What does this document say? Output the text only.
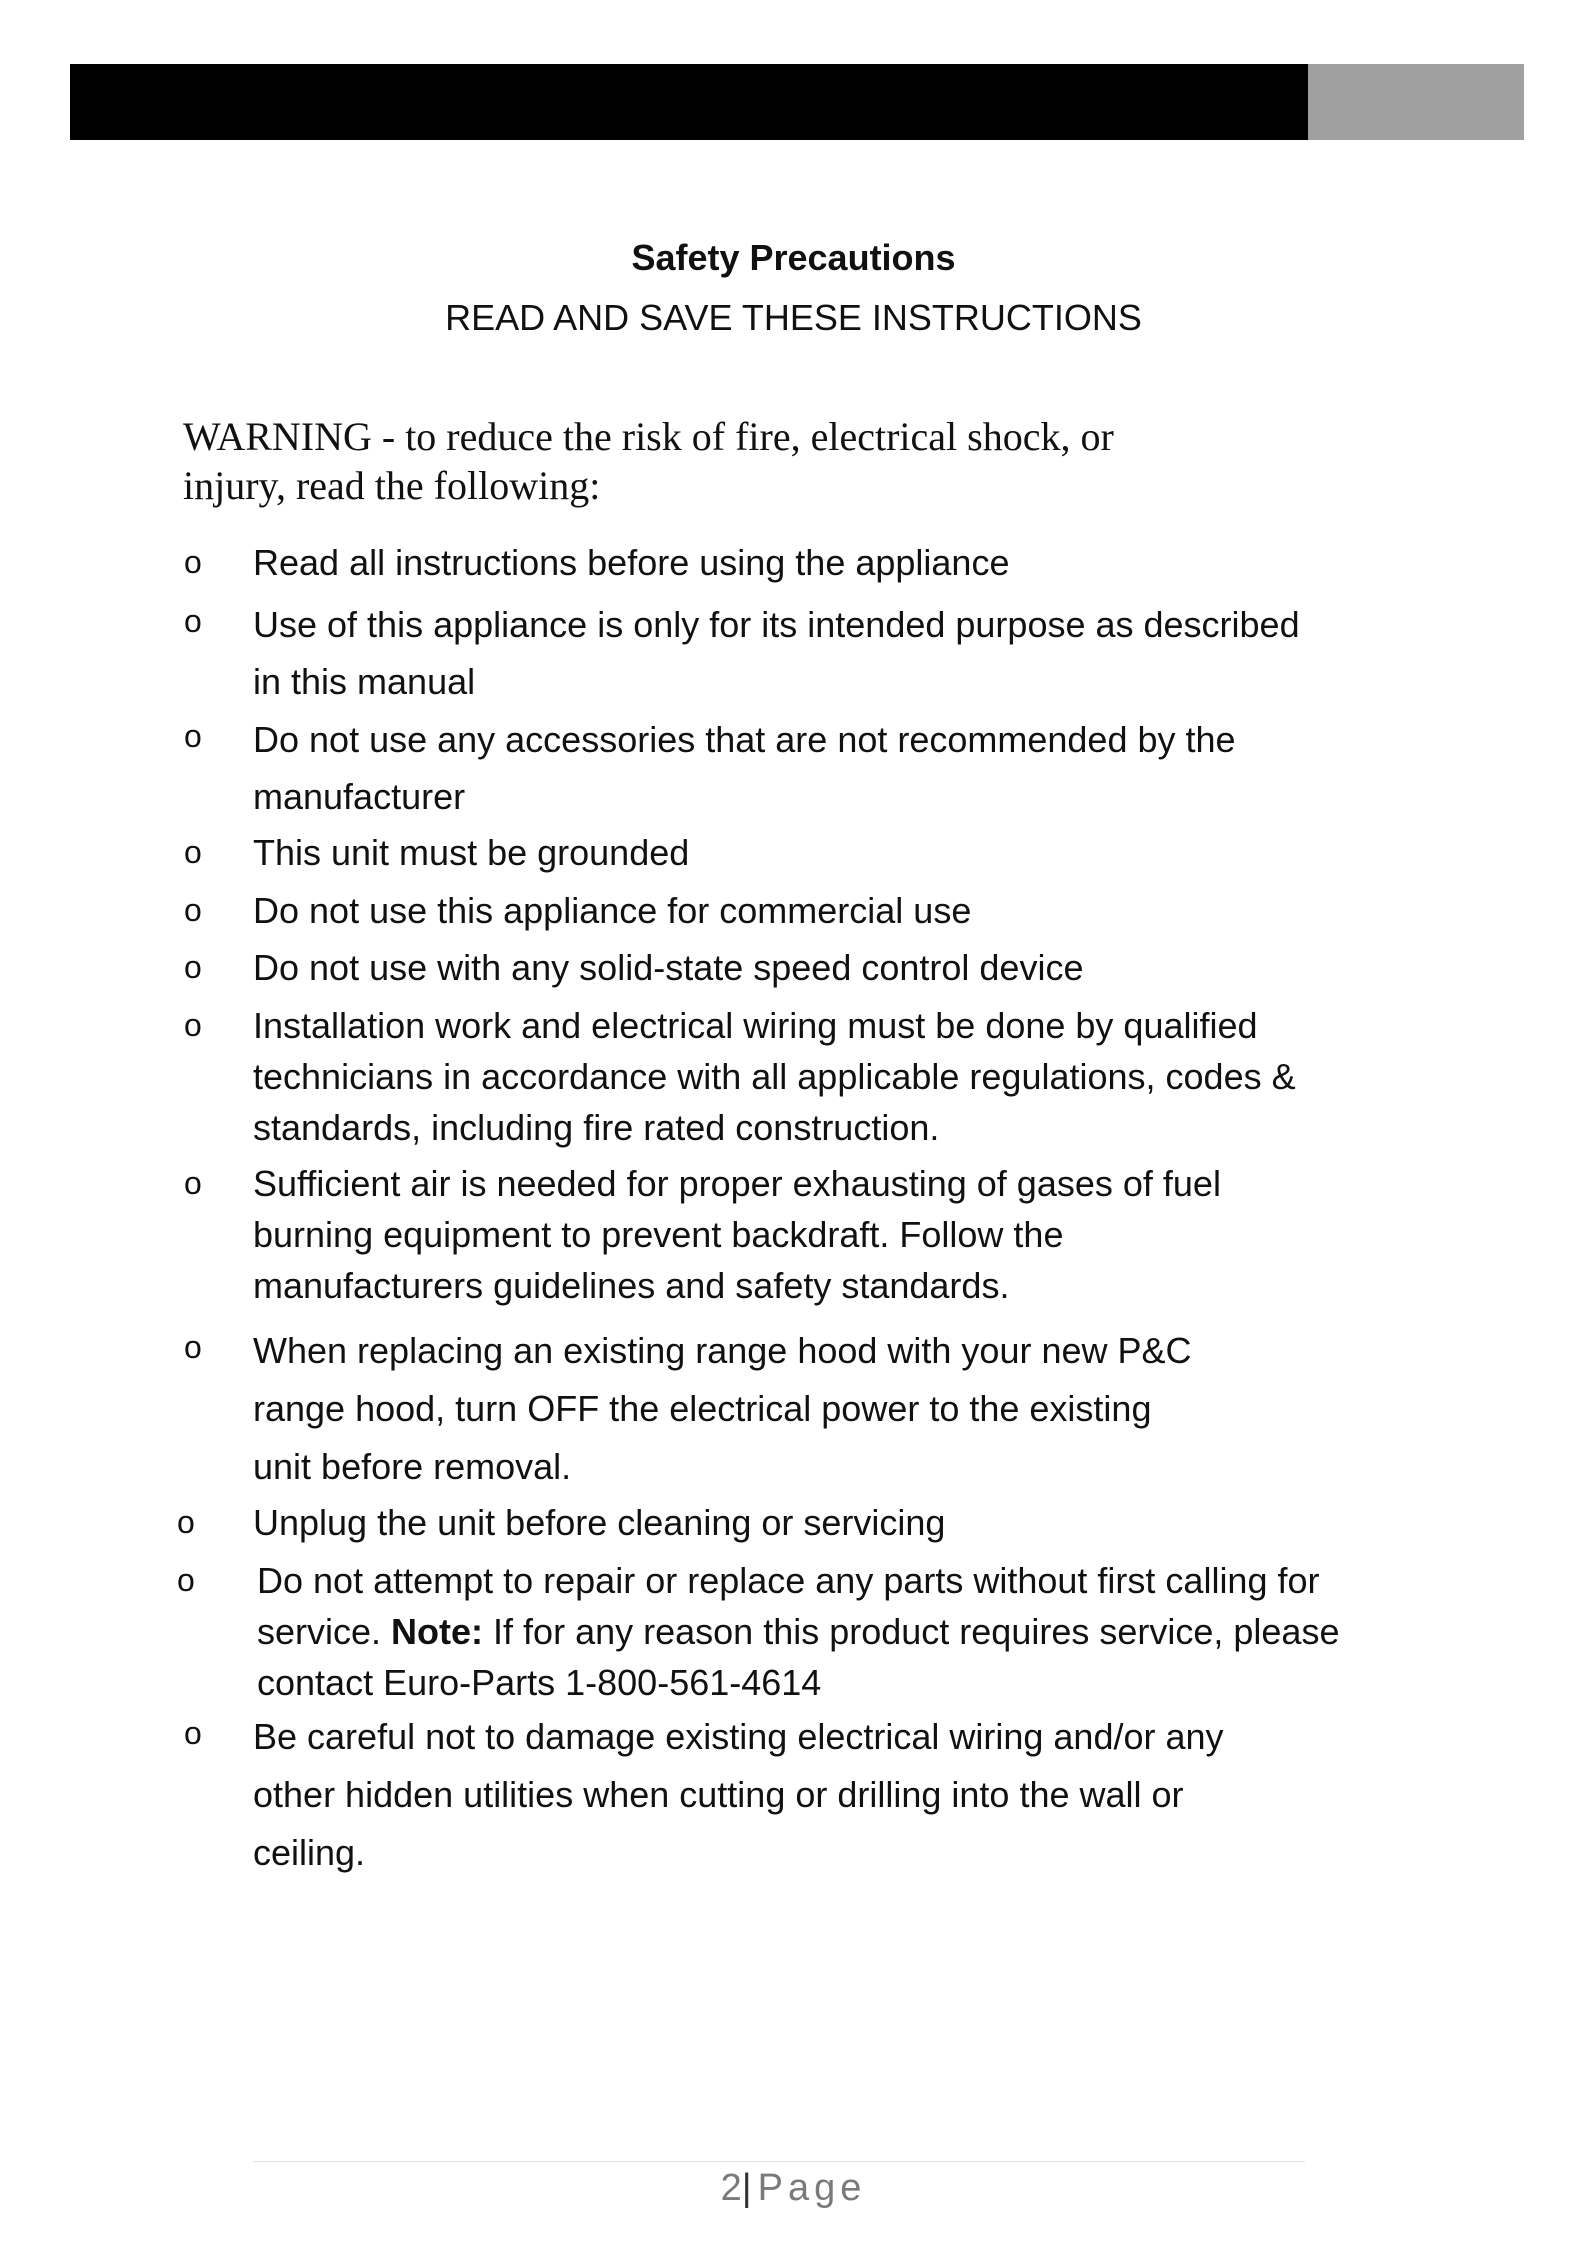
Safety Precautions
READ AND SAVE THESE INSTRUCTIONS
WARNING - to reduce the risk of fire, electrical shock, or
injury, read the following:
o Read all instructions before using the appliance
o Use of this appliance is only for its intended purpose as described
in this manual
o Do not use any accessories that are not recommended by the
manufacturer
o This unit must be grounded
o Do not use this appliance for commercial use
o Do not use with any solid-state speed control device
o Installation work and electrical wiring must be done by qualified
technicians in accordance with all applicable regulations, codes &
standards, including fire rated construction.
o Sufficient air is needed for proper exhausting of gases of fuel
burning equipment to prevent backdraft. Follow the
manufacturers guidelines and safety standards.
o When replacing an existing range hood with your new P&C
range hood, turn OFF the electrical power to the existing
unit before removal.
o Unplug the unit before cleaning or servicing
o Do not attempt to repair or replace any parts without first calling for
service. Note: If for any reason this product requires service, please
contact Euro-Parts 1-800-561-4614
o Be careful not to damage existing electrical wiring and/or any
other hidden utilities when cutting or drilling into the wall or
ceiling.
2| Page
